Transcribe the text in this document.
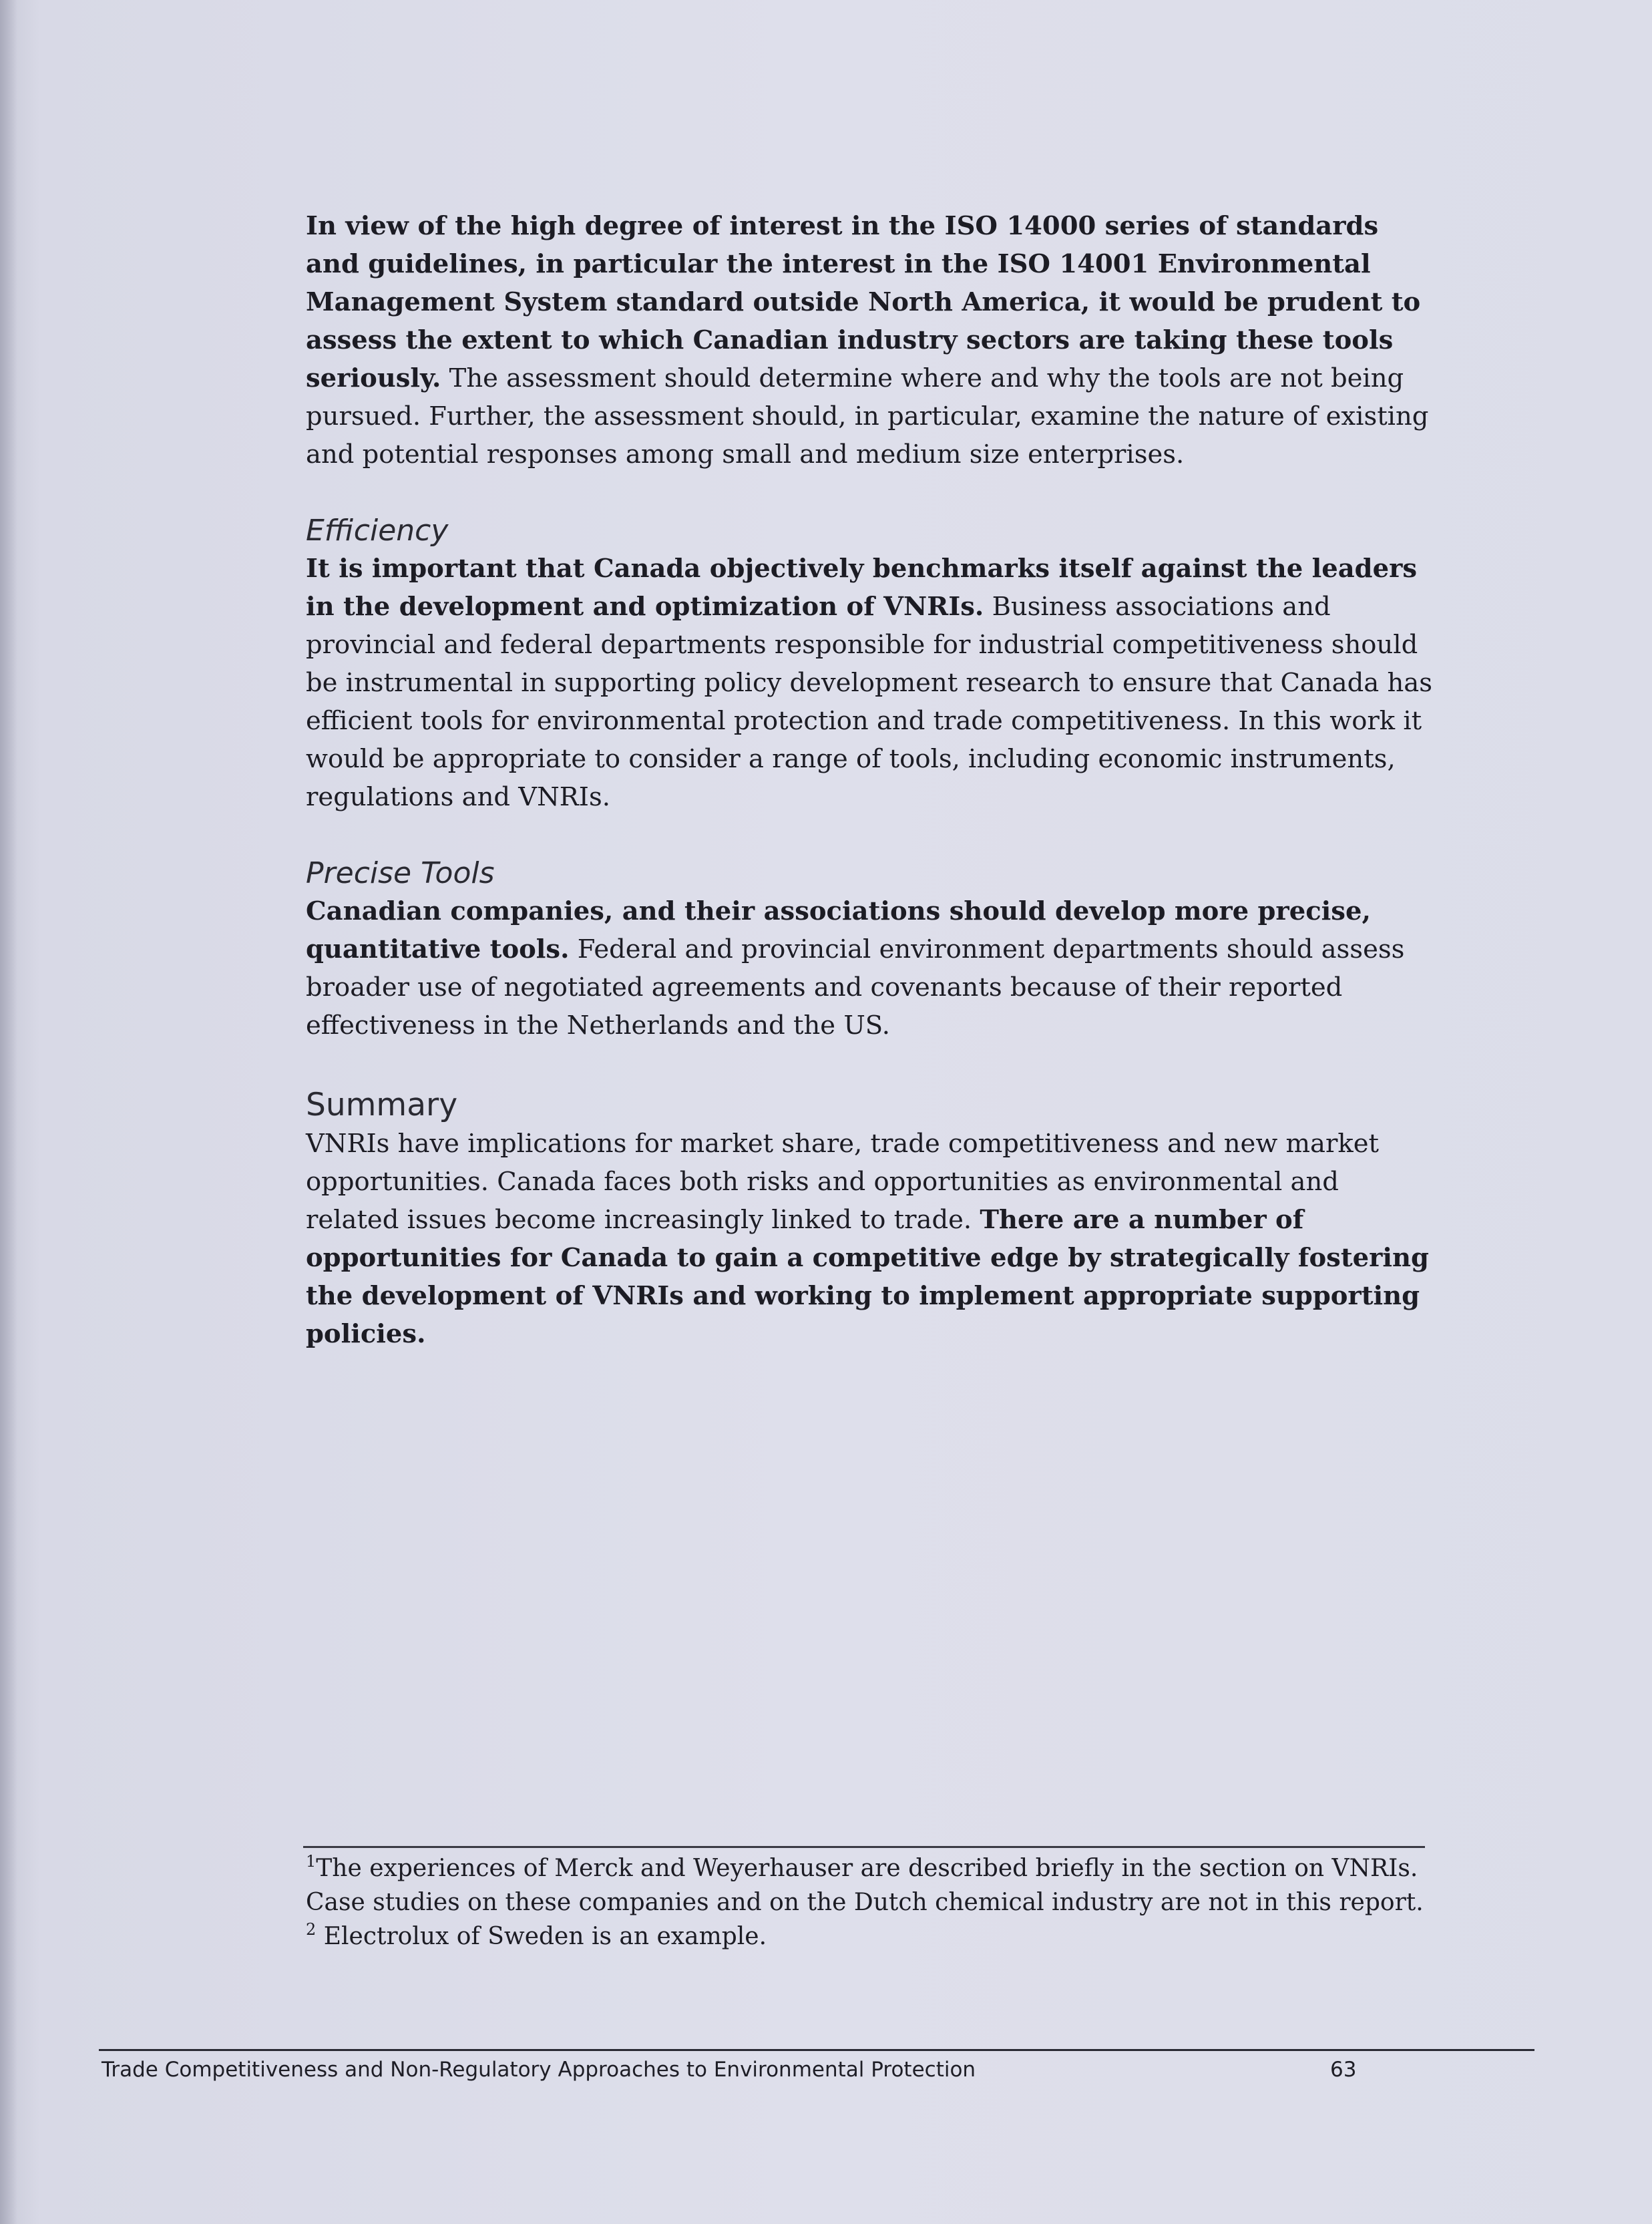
In view of the high degree of interest in the ISO 14000 series of standards and guidelines, in particular the interest in the ISO 14001 Environmental Management System standard outside North America, it would be prudent to assess the extent to which Canadian industry sectors are taking these tools seriously. The assessment should determine where and why the tools are not being pursued. Further, the assessment should, in particular, examine the nature of existing and potential responses among small and medium size enterprises.

Efficiency

It is important that Canada objectively benchmarks itself against the leaders in the development and optimization of VNRIs. Business associations and provincial and federal departments responsible for industrial competitiveness should be instrumental in supporting policy development research to ensure that Canada has efficient tools for environmental protection and trade competitiveness. In this work it would be appropriate to consider a range of tools, including economic instruments, regulations and VNRIs.

Precise Tools

Canadian companies, and their associations should develop more precise, quantitative tools. Federal and provincial environment departments should assess broader use of negotiated agreements and covenants because of their reported effectiveness in the Netherlands and the US.

Summary

VNRIs have implications for market share, trade competitiveness and new market opportunities. Canada faces both risks and opportunities as environmental and related issues become increasingly linked to trade. There are a number of opportunities for Canada to gain a competitive edge by strategically fostering the development of VNRIs and working to implement appropriate supporting policies.

$^1$The experiences of Merck and Weyerhauser are described briefly in the section on VNRIs. Case studies on these companies and on the Dutch chemical industry are not in this report.

$^2$ Electrolux of Sweden is an example.

Trade Competitiveness and Non-Regulatory Approaches to Environmental Protection	63
